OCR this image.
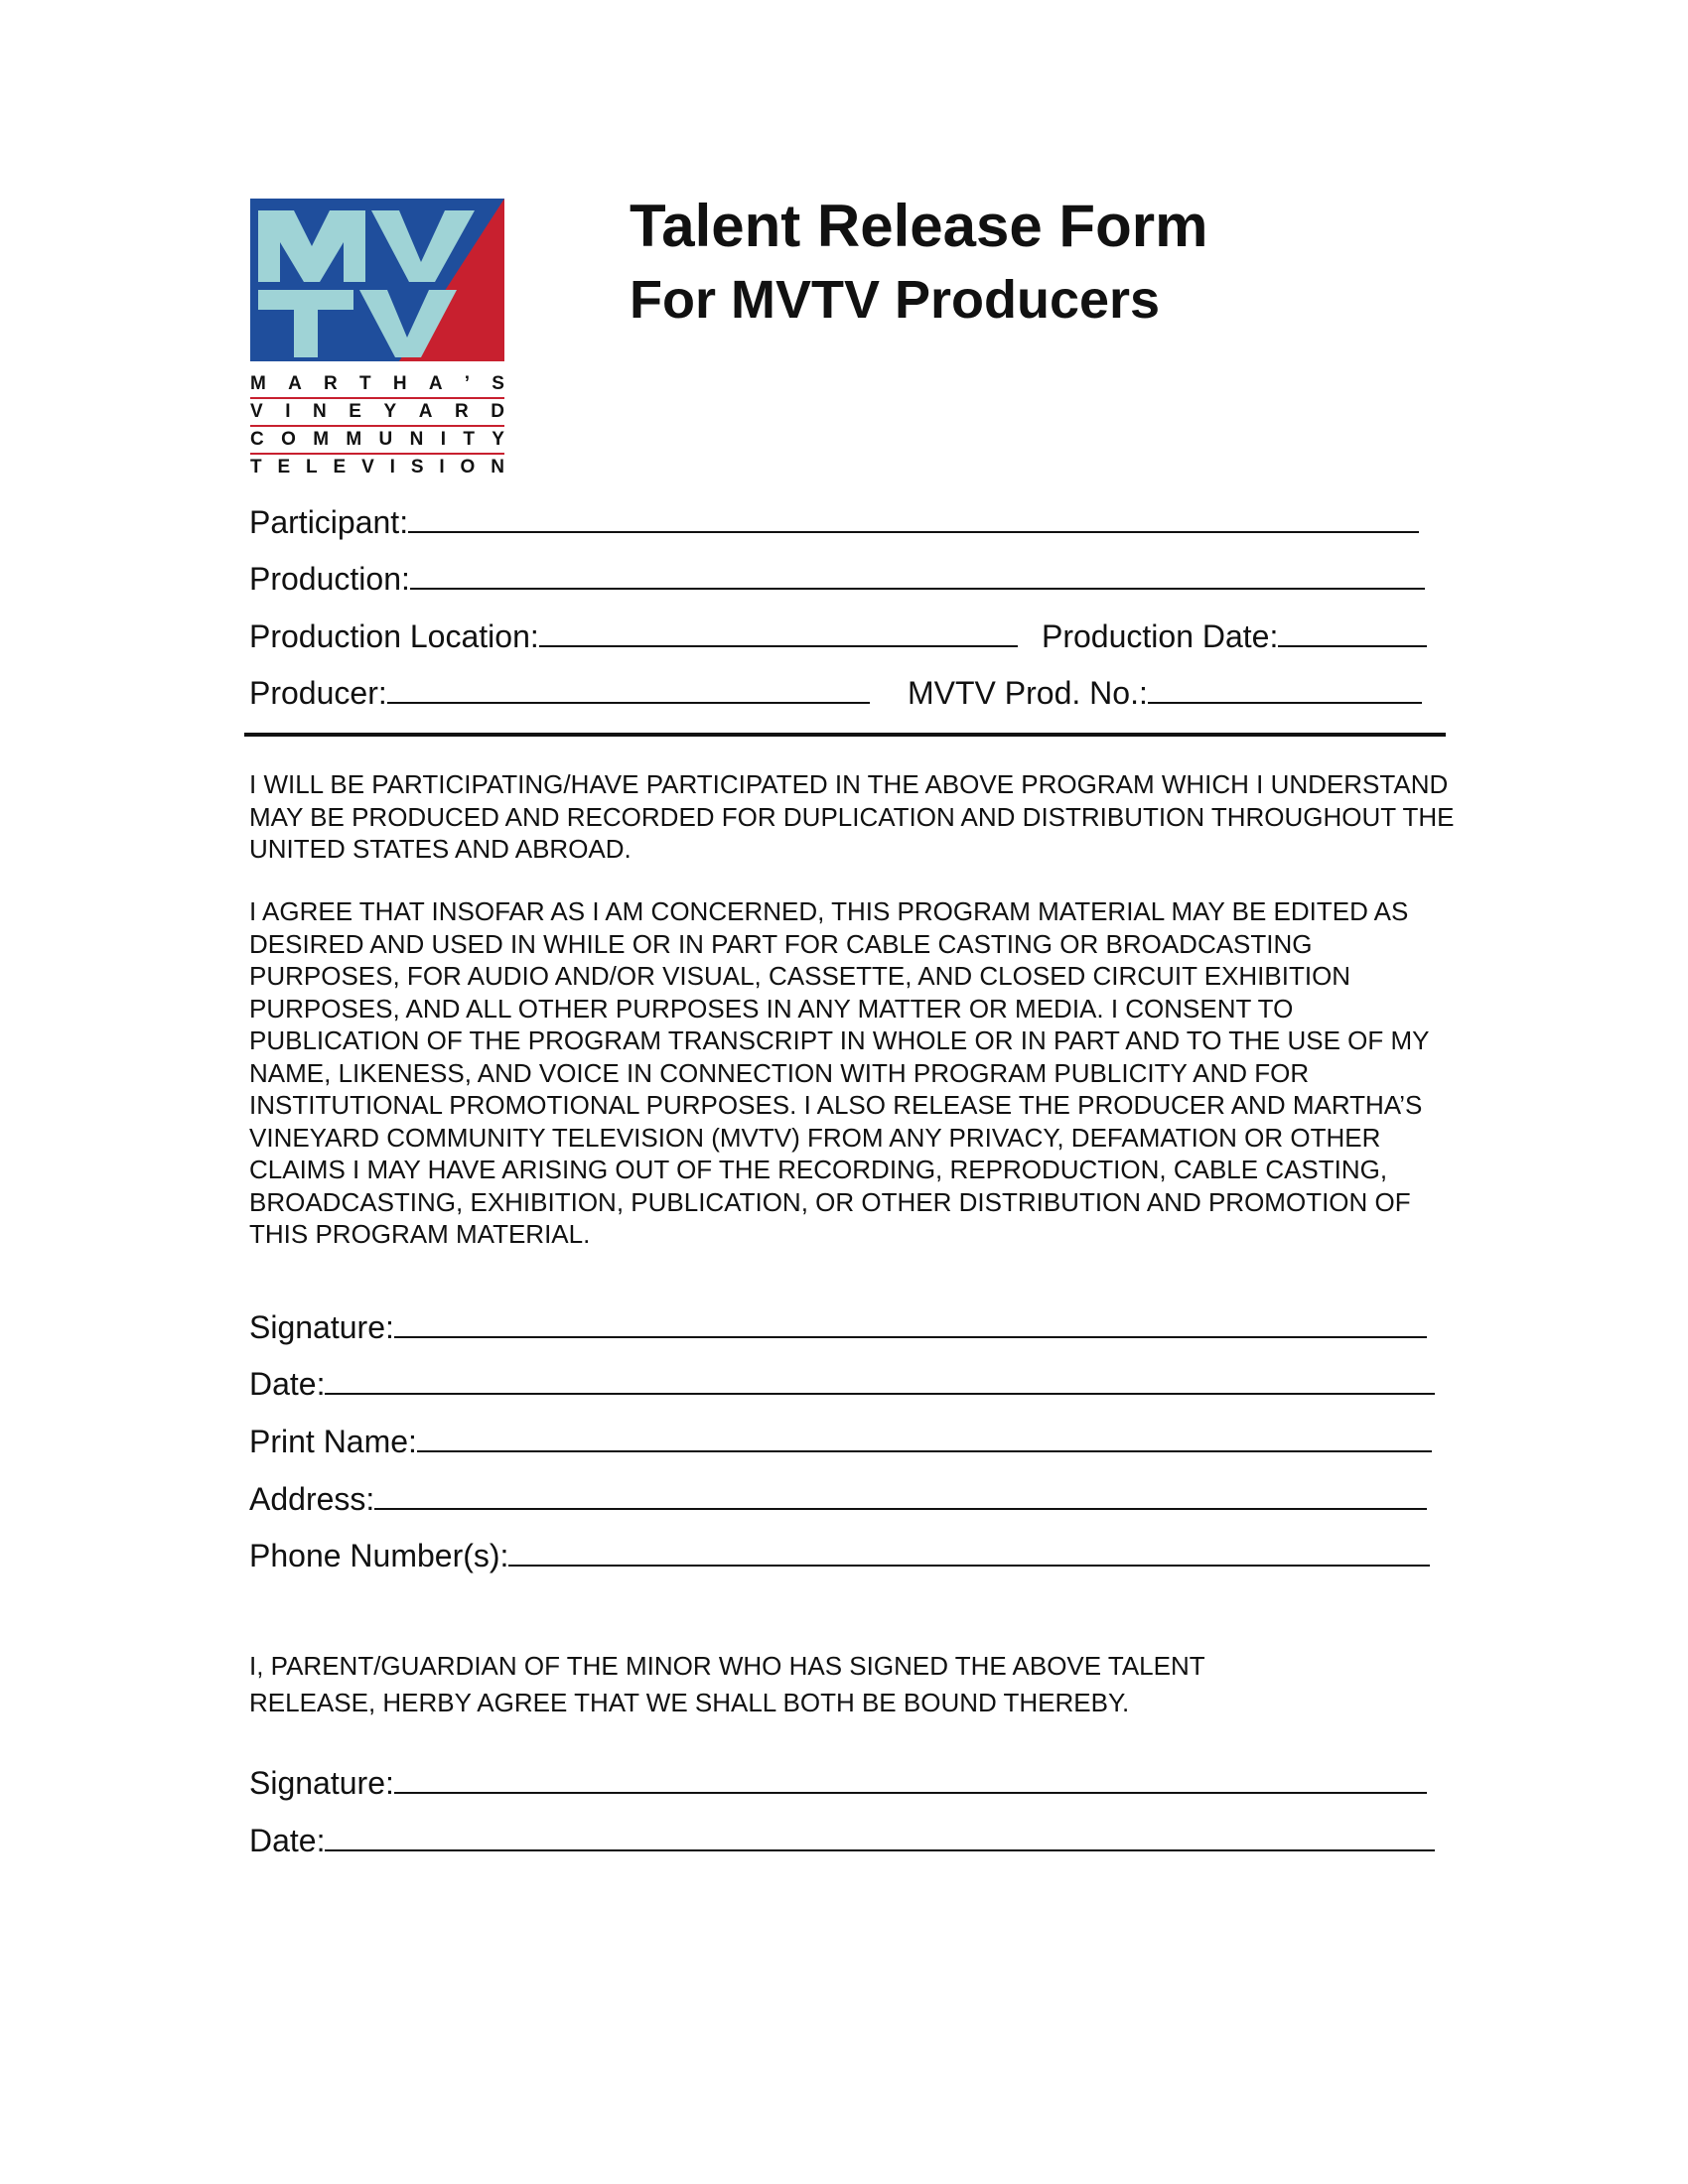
M A R T H A ’ S
V I N E Y A R D
C O M M U N I T Y
T E L E V I S I O N
Talent Release Form
For MVTV Producers
Participant:
Production:
Production Location:	Production Date:
Producer:	MVTV Prod. No.:

I WILL BE PARTICIPATING/HAVE PARTICIPATED IN THE ABOVE PROGRAM WHICH I UNDERSTAND MAY BE PRODUCED AND RECORDED FOR DUPLICATION AND DISTRIBUTION THROUGHOUT THE UNITED STATES AND ABROAD.

I AGREE THAT INSOFAR AS I AM CONCERNED, THIS PROGRAM MATERIAL MAY BE EDITED AS DESIRED AND USED IN WHILE OR IN PART FOR CABLE CASTING OR BROADCASTING PURPOSES, FOR AUDIO AND/OR VISUAL, CASSETTE, AND CLOSED CIRCUIT EXHIBITION PURPOSES, AND ALL OTHER PURPOSES IN ANY MATTER OR MEDIA. I CONSENT TO PUBLICATION OF THE PROGRAM TRANSCRIPT IN WHOLE OR IN PART AND TO THE USE OF MY NAME, LIKENESS, AND VOICE IN CONNECTION WITH PROGRAM PUBLICITY AND FOR INSTITUTIONAL PROMOTIONAL PURPOSES. I ALSO RELEASE THE PRODUCER AND MARTHA’S VINEYARD COMMUNITY TELEVISION (MVTV) FROM ANY PRIVACY, DEFAMATION OR OTHER CLAIMS I MAY HAVE ARISING OUT OF THE RECORDING, REPRODUCTION, CABLE CASTING, BROADCASTING, EXHIBITION, PUBLICATION, OR OTHER DISTRIBUTION AND PROMOTION OF THIS PROGRAM MATERIAL.

Signature:
Date:
Print Name:
Address:
Phone Number(s):

I, PARENT/GUARDIAN OF THE MINOR WHO HAS SIGNED THE ABOVE TALENT RELEASE, HERBY AGREE THAT WE SHALL BOTH BE BOUND THEREBY.

Signature:
Date:
